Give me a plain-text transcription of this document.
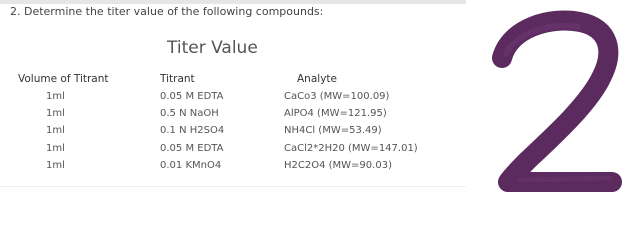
2. Determine the titer value of the following compounds:
Titer Value
Volume of Titrant	Titrant	Analyte
1ml	0.05 M EDTA	CaCo3 (MW=100.09)
1ml	0.5 N NaOH	AlPO4 (MW=121.95)
1ml	0.1 N H2SO4	NH4Cl (MW=53.49)
1ml	0.05 M EDTA	CaCl2*2H20 (MW=147.01)
1ml	0.01 KMnO4	H2C2O4 (MW=90.03)
